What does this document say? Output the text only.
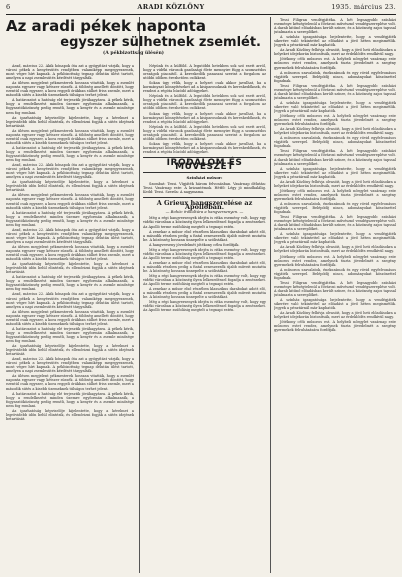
6	ARADI KÖZLÖNY	1935. március 23.
Az aradi pékek naponta
egyszer sülhetnek zsemlét.
(A pékbizottság ülésén)

Arad, március 22. Akik hónapok óta azt a gyógyítást várják, hogy a városi pékek a kenyérsütés rendjében valamiképp megegyezzenek, most végre hírt kapnak. A pékbizottság tegnap délután ülést tartott, amelyen a napi zsemlesütés kérdését tárgyalták.

Az ülésen megjelent pékmesterek hosszan vitatták, hogy a zsemlét naponta egyszer vagy kétszer süssék. A többség amellett döntött, hogy ezentúl csak egyszer, a kora reggeli órákban sülhet friss zsemle, mert a második sütés a kisebb üzemeknek túlságos terhet jelent.

A határozatot a hatóság elé terjesztik jóváhagyásra. A pékek kérik, hogy a rendelkezést minden üzemre egyformán alkalmazzák, a fogyasztóközönség pedig reméli, hogy a kenyér és a zsemle minősége nem fog romlani.

Az iparhatóság képviselője kijelentette, hogy a kérelmet a legrövidebb időn belül elintézik, és ellenőrizni fogják a sütés idejének betartását.

Az ülésen megjelent pékmesterek hosszan vitatták, hogy a zsemlét naponta egyszer vagy kétszer süssék. A többség amellett döntött, hogy ezentúl csak egyszer, a kora reggeli órákban sülhet friss zsemle, mert a második sütés a kisebb üzemeknek túlságos terhet jelent.

A határozatot a hatóság elé terjesztik jóváhagyásra. A pékek kérik, hogy a rendelkezést minden üzemre egyformán alkalmazzák, a fogyasztóközönség pedig reméli, hogy a kenyér és a zsemle minősége nem fog romlani.

Arad, március 22. Akik hónapok óta azt a gyógyítást várják, hogy a városi pékek a kenyérsütés rendjében valamiképp megegyezzenek, most végre hírt kapnak. A pékbizottság tegnap délután ülést tartott, amelyen a napi zsemlesütés kérdését tárgyalták.

Az iparhatóság képviselője kijelentette, hogy a kérelmet a legrövidebb időn belül elintézik, és ellenőrizni fogják a sütés idejének betartását.

Az ülésen megjelent pékmesterek hosszan vitatták, hogy a zsemlét naponta egyszer vagy kétszer süssék. A többség amellett döntött, hogy ezentúl csak egyszer, a kora reggeli órákban sülhet friss zsemle, mert a második sütés a kisebb üzemeknek túlságos terhet jelent.

A határozatot a hatóság elé terjesztik jóváhagyásra. A pékek kérik, hogy a rendelkezést minden üzemre egyformán alkalmazzák, a fogyasztóközönség pedig reméli, hogy a kenyér és a zsemle minősége nem fog romlani.

Arad, március 22. Akik hónapok óta azt a gyógyítást várják, hogy a városi pékek a kenyérsütés rendjében valamiképp megegyezzenek, most végre hírt kapnak. A pékbizottság tegnap délután ülést tartott, amelyen a napi zsemlesütés kérdését tárgyalták.

Az ülésen megjelent pékmesterek hosszan vitatták, hogy a zsemlét naponta egyszer vagy kétszer süssék. A többség amellett döntött, hogy ezentúl csak egyszer, a kora reggeli órákban sülhet friss zsemle, mert a második sütés a kisebb üzemeknek túlságos terhet jelent.

Az iparhatóság képviselője kijelentette, hogy a kérelmet a legrövidebb időn belül elintézik, és ellenőrizni fogják a sütés idejének betartását.

A határozatot a hatóság elé terjesztik jóváhagyásra. A pékek kérik, hogy a rendelkezést minden üzemre egyformán alkalmazzák, a fogyasztóközönség pedig reméli, hogy a kenyér és a zsemle minősége nem fog romlani.

Arad, március 22. Akik hónapok óta azt a gyógyítást várják, hogy a városi pékek a kenyérsütés rendjében valamiképp megegyezzenek, most végre hírt kapnak. A pékbizottság tegnap délután ülést tartott, amelyen a napi zsemlesütés kérdését tárgyalták.

Az ülésen megjelent pékmesterek hosszan vitatták, hogy a zsemlét naponta egyszer vagy kétszer süssék. A többség amellett döntött, hogy ezentúl csak egyszer, a kora reggeli órákban sülhet friss zsemle, mert a második sütés a kisebb üzemeknek túlságos terhet jelent.

A határozatot a hatóság elé terjesztik jóváhagyásra. A pékek kérik, hogy a rendelkezést minden üzemre egyformán alkalmazzák, a fogyasztóközönség pedig reméli, hogy a kenyér és a zsemle minősége nem fog romlani.

Az iparhatóság képviselője kijelentette, hogy a kérelmet a legrövidebb időn belül elintézik, és ellenőrizni fogják a sütés idejének betartását.

Arad, március 22. Akik hónapok óta azt a gyógyítást várják, hogy a városi pékek a kenyérsütés rendjében valamiképp megegyezzenek, most végre hírt kapnak. A pékbizottság tegnap délután ülést tartott, amelyen a napi zsemlesütés kérdését tárgyalták.

Az ülésen megjelent pékmesterek hosszan vitatták, hogy a zsemlét naponta egyszer vagy kétszer süssék. A többség amellett döntött, hogy ezentúl csak egyszer, a kora reggeli órákban sülhet friss zsemle, mert a második sütés a kisebb üzemeknek túlságos terhet jelent.

A határozatot a hatóság elé terjesztik jóváhagyásra. A pékek kérik, hogy a rendelkezést minden üzemre egyformán alkalmazzák, a fogyasztóközönség pedig reméli, hogy a kenyér és a zsemle minősége nem fog romlani.

Az iparhatóság képviselője kijelentette, hogy a kérelmet a legrövidebb időn belül elintézik, és ellenőrizni fogják a sütés idejének betartását.

Népünk és a külföld. A legutóbbi hetekben sok szó esett arról, hogy a vidéki városok gazdasági élete mennyire függ a szomszédos országok piacaitól. A kereskedők panaszai szerint a forgalom az utóbbi időben érezhetően csökkent.

Sokan úgy vélik, hogy a helyzet csak akkor javulhat, ha a kormányzat könnyítéseket ad a kisiparosoknak és kereskedőknek, és rendezi a régóta húzódó adóügyeket.

Népünk és a külföld. A legutóbbi hetekben sok szó esett arról, hogy a vidéki városok gazdasági élete mennyire függ a szomszédos országok piacaitól. A kereskedők panaszai szerint a forgalom az utóbbi időben érezhetően csökkent.

Sokan úgy vélik, hogy a helyzet csak akkor javulhat, ha a kormányzat könnyítéseket ad a kisiparosoknak és kereskedőknek, és rendezi a régóta húzódó adóügyeket.

Népünk és a külföld. A legutóbbi hetekben sok szó esett arról, hogy a vidéki városok gazdasági élete mennyire függ a szomszédos országok piacaitól. A kereskedők panaszai szerint a forgalom az utóbbi időben érezhetően csökkent.

Sokan úgy vélik, hogy a helyzet csak akkor javulhat, ha a kormányzat könnyítéseket ad a kisiparosoknak és kereskedőknek, és rendezi a régóta húzódó adóügyeket.

IRODALOM ÉS MŰVÉSZET
Színházi műsor:

Szombat: Tessi. Vígjáték három felvonásban. Vasárnap délután: Tessi. Vasárnap este: A krizantémok. Hétfő: Légy jó mindhalálig. Kedd: Tessi. Szerda: A nagymama.

A Grieux hangszerelése az Apollóban.
— Bohóc írókultúra a hangversenyen. —

Még a régi hangversenyek idején is ritka esemény volt, hogy egy vidéki városban a közönség ilyen lelkesedéssel fogadja a zenészeket. Az Apolló terme zsúfolásig megtelt a tegnapi estén.

A zenekar a műsor első részében klasszikus darabokat adott elő, a második részben pedig a fiatal zeneszerzők újabb műveit mutatta be. A közönség hosszan ünnepelte a szólistákat.

A hangverseny jövedelmét jótékony célra fordítják.

Még a régi hangversenyek idején is ritka esemény volt, hogy egy vidéki városban a közönség ilyen lelkesedéssel fogadja a zenészeket. Az Apolló terme zsúfolásig megtelt a tegnapi estén.

A zenekar a műsor első részében klasszikus darabokat adott elő, a második részben pedig a fiatal zeneszerzők újabb műveit mutatta be. A közönség hosszan ünnepelte a szólistákat.

Még a régi hangversenyek idején is ritka esemény volt, hogy egy vidéki városban a közönség ilyen lelkesedéssel fogadja a zenészeket. Az Apolló terme zsúfolásig megtelt a tegnapi estén.

A zenekar a műsor első részében klasszikus darabokat adott elő, a második részben pedig a fiatal zeneszerzők újabb műveit mutatta be. A közönség hosszan ünnepelte a szólistákat.

Még a régi hangversenyek idején is ritka esemény volt, hogy egy vidéki városban a közönség ilyen lelkesedéssel fogadja a zenészeket. Az Apolló terme zsúfolásig megtelt a tegnapi estén.

Tessi Filigran vendégjátéka. A hét legnagyobb színházi eseménye kétségtelenül a fővárosi művésznő vendégszereplése volt. A darab kitűnő előadásban került színre, és a közönség zajos tapssal jutalmazta a szereplőket.

A színház igazgatósága bejelentette, hogy a vendégjáték sikerére való tekintettel az előadást a jövő héten megismétlik. Jegyek a pénztárnál már kaphatók.

Az Aradi Közlöny felhívja olvasóit, hogy a jövő heti előadásokra a helyeket idejekorán biztosítsák, mert az érdeklődés rendkívül nagy.

Jótékony célú műsoros est. A helybeli nőegylet vasárnap este műsoros estet rendez, amelynek tiszta jövedelmét a szegény gyermekek felruházására fordítják.

A műsoron szavalatok, énekszámok és egy rövid egyfelvonásos vígjáték szerepel. Belépődíj nincs, adományokat köszönettel fogadnak.

Tessi Filigran vendégjátéka. A hét legnagyobb színházi eseménye kétségtelenül a fővárosi művésznő vendégszereplése volt. A darab kitűnő előadásban került színre, és a közönség zajos tapssal jutalmazta a szereplőket.

A színház igazgatósága bejelentette, hogy a vendégjáték sikerére való tekintettel az előadást a jövő héten megismétlik. Jegyek a pénztárnál már kaphatók.

Jótékony célú műsoros est. A helybeli nőegylet vasárnap este műsoros estet rendez, amelynek tiszta jövedelmét a szegény gyermekek felruházására fordítják.

Az Aradi Közlöny felhívja olvasóit, hogy a jövő heti előadásokra a helyeket idejekorán biztosítsák, mert az érdeklődés rendkívül nagy.

A műsoron szavalatok, énekszámok és egy rövid egyfelvonásos vígjáték szerepel. Belépődíj nincs, adományokat köszönettel fogadnak.

Tessi Filigran vendégjátéka. A hét legnagyobb színházi eseménye kétségtelenül a fővárosi művésznő vendégszereplése volt. A darab kitűnő előadásban került színre, és a közönség zajos tapssal jutalmazta a szereplőket.

A színház igazgatósága bejelentette, hogy a vendégjáték sikerére való tekintettel az előadást a jövő héten megismétlik. Jegyek a pénztárnál már kaphatók.

Az Aradi Közlöny felhívja olvasóit, hogy a jövő heti előadásokra a helyeket idejekorán biztosítsák, mert az érdeklődés rendkívül nagy.

Jótékony célú műsoros est. A helybeli nőegylet vasárnap este műsoros estet rendez, amelynek tiszta jövedelmét a szegény gyermekek felruházására fordítják.

A műsoron szavalatok, énekszámok és egy rövid egyfelvonásos vígjáték szerepel. Belépődíj nincs, adományokat köszönettel fogadnak.

Tessi Filigran vendégjátéka. A hét legnagyobb színházi eseménye kétségtelenül a fővárosi művésznő vendégszereplése volt. A darab kitűnő előadásban került színre, és a közönség zajos tapssal jutalmazta a szereplőket.

A színház igazgatósága bejelentette, hogy a vendégjáték sikerére való tekintettel az előadást a jövő héten megismétlik. Jegyek a pénztárnál már kaphatók.

Az Aradi Közlöny felhívja olvasóit, hogy a jövő heti előadásokra a helyeket idejekorán biztosítsák, mert az érdeklődés rendkívül nagy.

Jótékony célú műsoros est. A helybeli nőegylet vasárnap este műsoros estet rendez, amelynek tiszta jövedelmét a szegény gyermekek felruházására fordítják.

A műsoron szavalatok, énekszámok és egy rövid egyfelvonásos vígjáték szerepel. Belépődíj nincs, adományokat köszönettel fogadnak.

Tessi Filigran vendégjátéka. A hét legnagyobb színházi eseménye kétségtelenül a fővárosi művésznő vendégszereplése volt. A darab kitűnő előadásban került színre, és a közönség zajos tapssal jutalmazta a szereplőket.

A színház igazgatósága bejelentette, hogy a vendégjáték sikerére való tekintettel az előadást a jövő héten megismétlik. Jegyek a pénztárnál már kaphatók.

Az Aradi Közlöny felhívja olvasóit, hogy a jövő heti előadásokra a helyeket idejekorán biztosítsák, mert az érdeklődés rendkívül nagy.

Jótékony célú műsoros est. A helybeli nőegylet vasárnap este műsoros estet rendez, amelynek tiszta jövedelmét a szegény gyermekek felruházására fordítják.
